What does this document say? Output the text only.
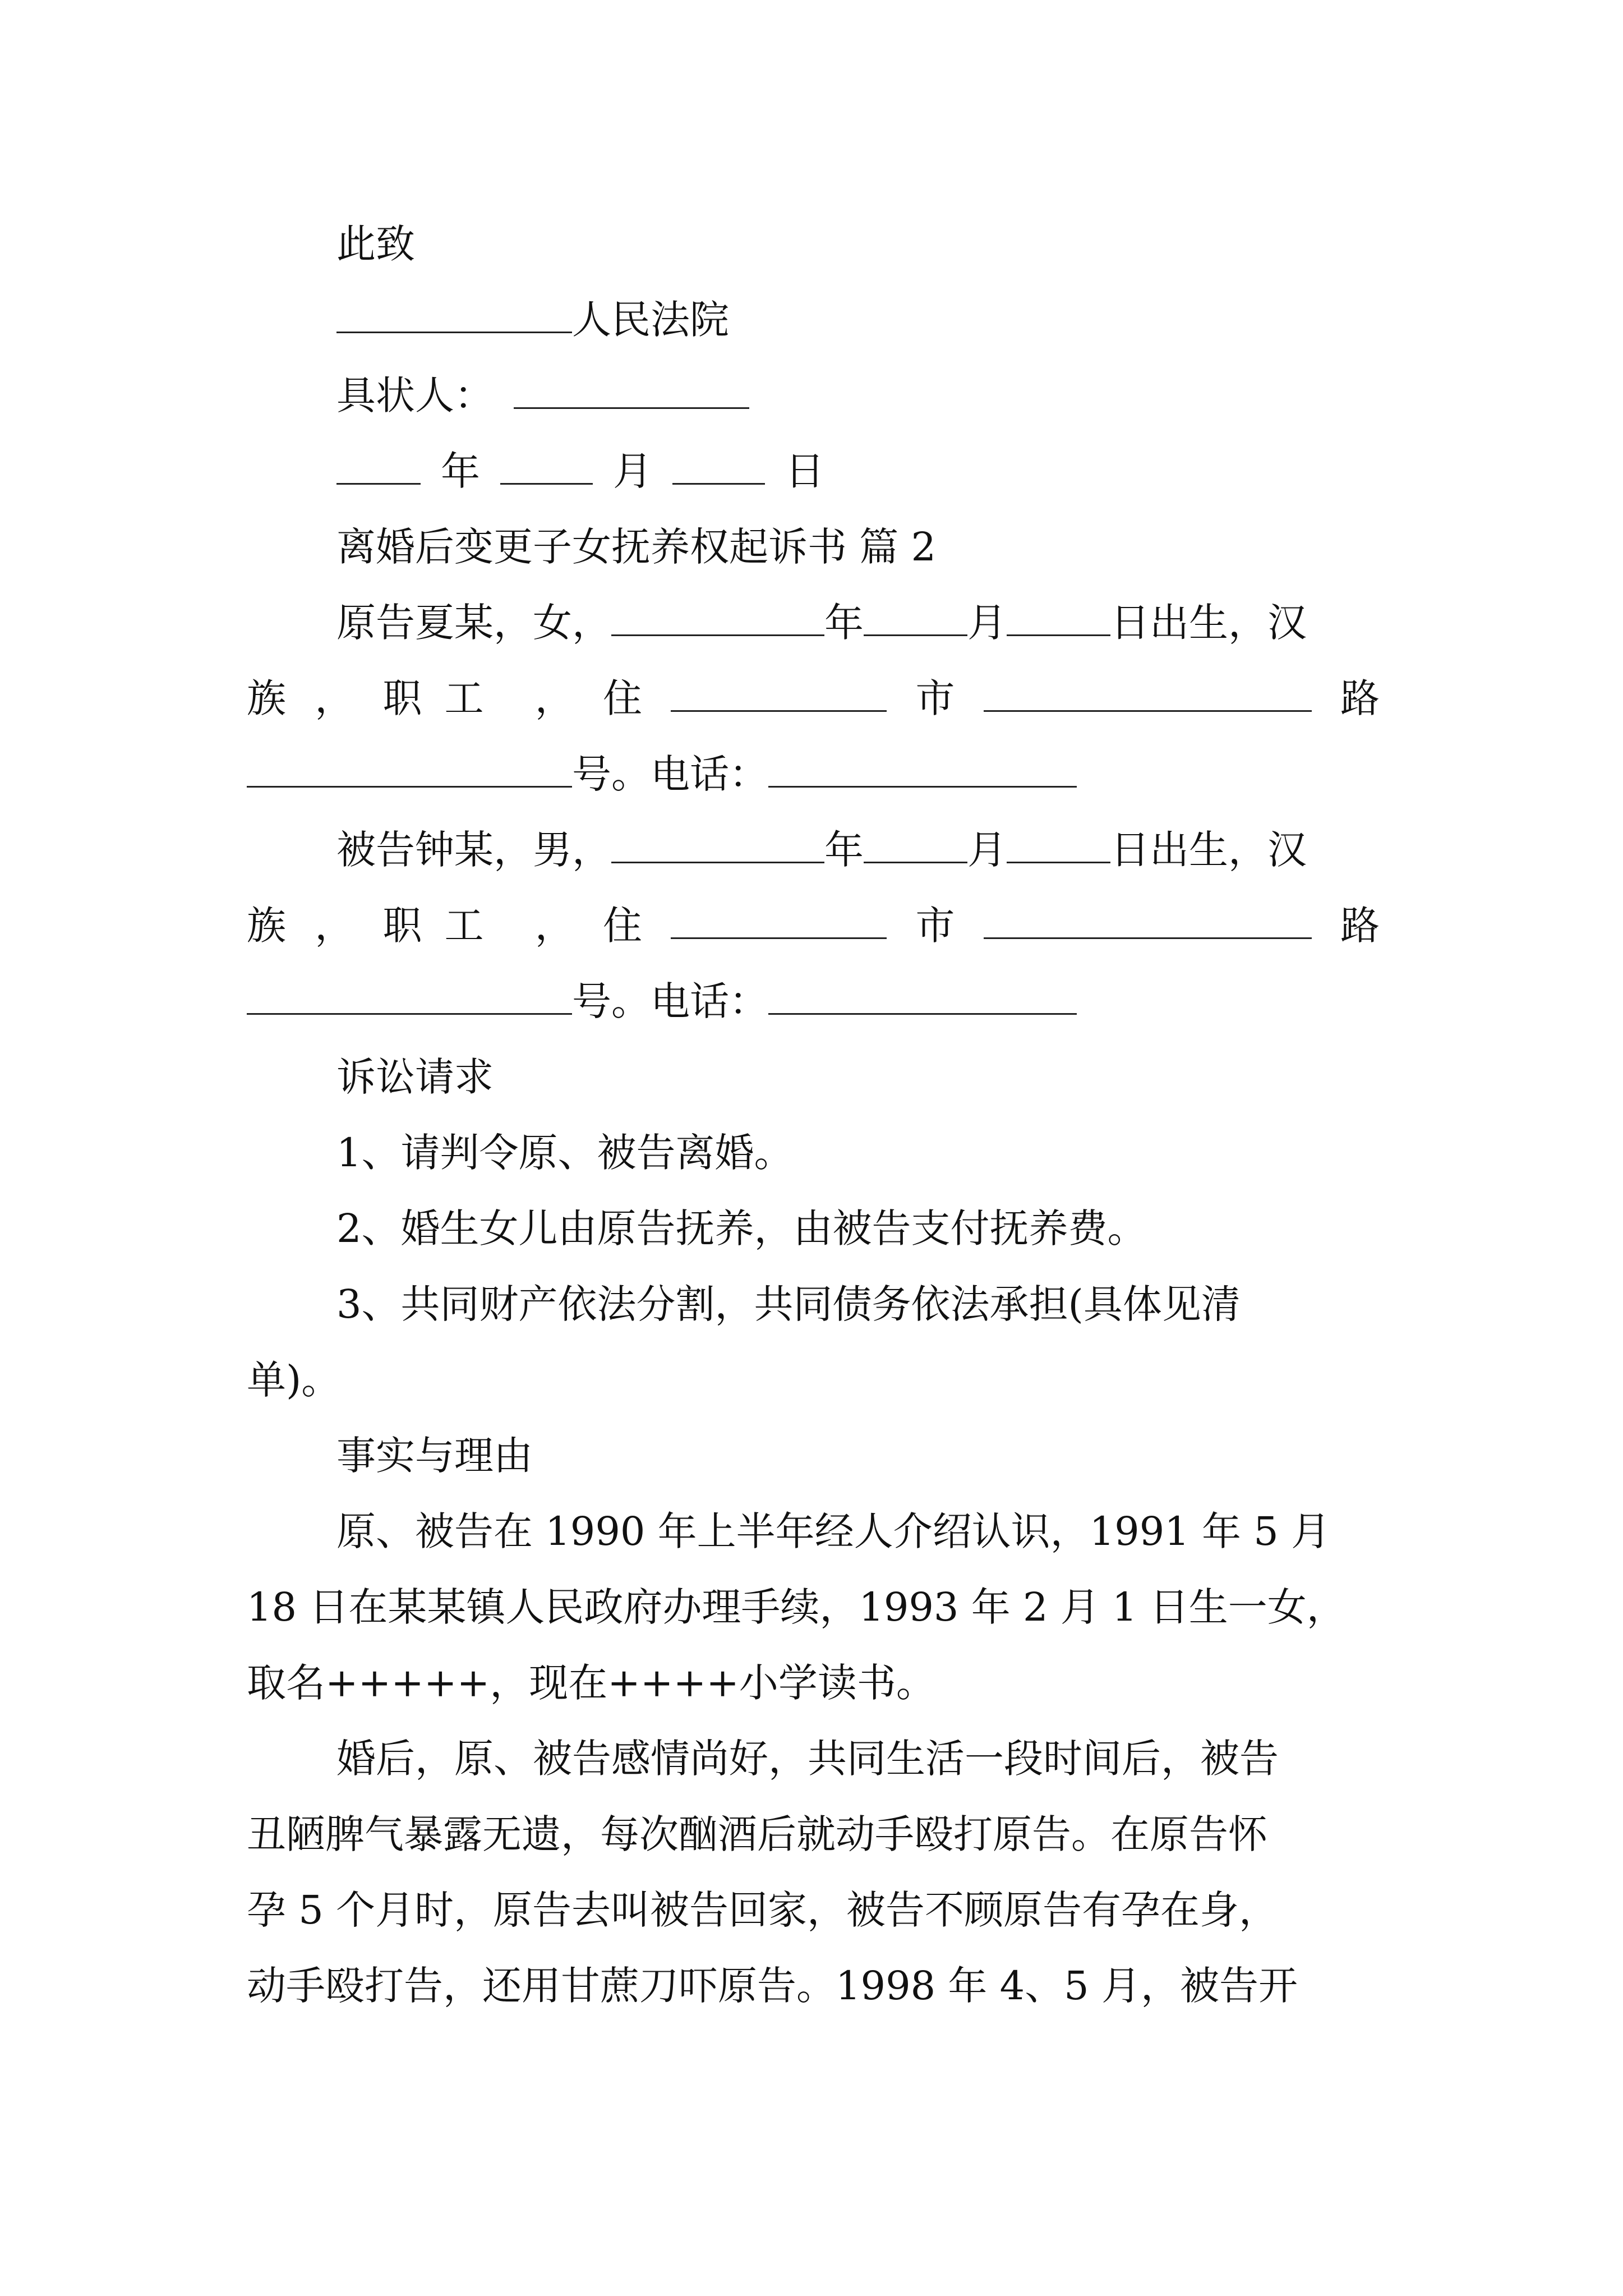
此致
人民法院
具状人：
年	月	日
离婚后变更子女抚养权起诉书 篇 2
原告夏某，女，	年	月	日出生，汉
族 ， 职工 ， 住	市	路
号。电话：
被告钟某，男，	年	月	日出生，汉
族 ， 职工 ， 住	市	路
号。电话：
诉讼请求
1、请判令原、被告离婚。
2、婚生女儿由原告抚养，由被告支付抚养费。
3、共同财产依法分割，共同债务依法承担(具体见清
单)。
事实与理由
原、被告在 1990 年上半年经人介绍认识，1991 年 5 月
18 日在某某镇人民政府办理手续，1993 年 2 月 1 日生一女，
取名+++++，现在++++小学读书。
婚后，原、被告感情尚好，共同生活一段时间后，被告
丑陋脾气暴露无遗，每次酗酒后就动手殴打原告。在原告怀
孕 5 个月时，原告去叫被告回家，被告不顾原告有孕在身，
动手殴打告，还用甘蔗刀吓原告。1998 年 4、5 月，被告开
